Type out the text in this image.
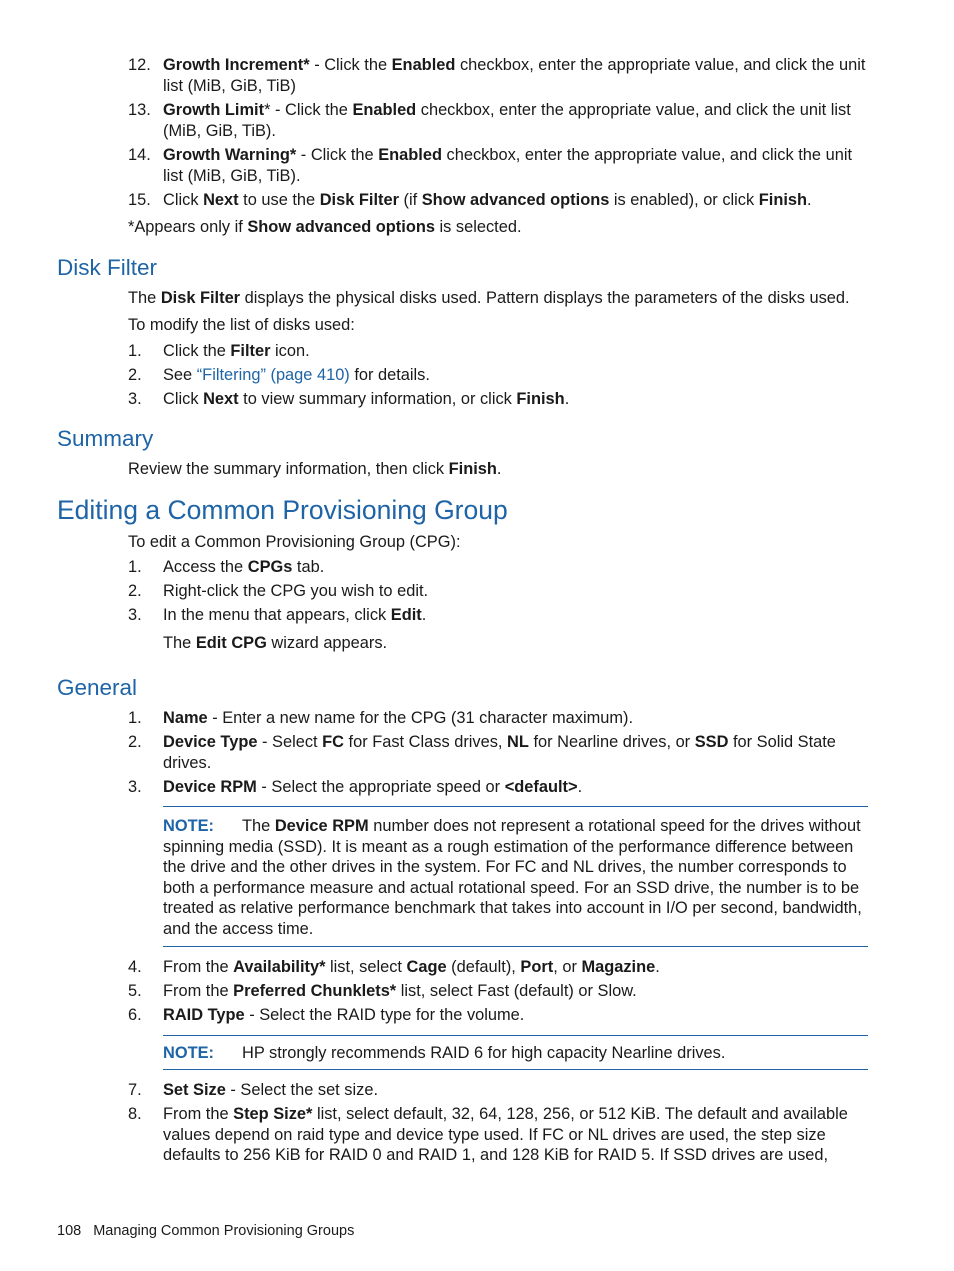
12. Growth Increment* - Click the Enabled checkbox, enter the appropriate value, and click the unit list (MiB, GiB, TiB)
13. Growth Limit* - Click the Enabled checkbox, enter the appropriate value, and click the unit list (MiB, GiB, TiB).
14. Growth Warning* - Click the Enabled checkbox, enter the appropriate value, and click the unit list (MiB, GiB, TiB).
15. Click Next to use the Disk Filter (if Show advanced options is enabled), or click Finish.
*Appears only if Show advanced options is selected.
Disk Filter
The Disk Filter displays the physical disks used. Pattern displays the parameters of the disks used.
To modify the list of disks used:
1. Click the Filter icon.
2. See “Filtering” (page 410) for details.
3. Click Next to view summary information, or click Finish.
Summary
Review the summary information, then click Finish.
Editing a Common Provisioning Group
To edit a Common Provisioning Group (CPG):
1. Access the CPGs tab.
2. Right-click the CPG you wish to edit.
3. In the menu that appears, click Edit.
The Edit CPG wizard appears.
General
1. Name - Enter a new name for the CPG (31 character maximum).
2. Device Type - Select FC for Fast Class drives, NL for Nearline drives, or SSD for Solid State drives.
3. Device RPM - Select the appropriate speed or <default>.
NOTE: The Device RPM number does not represent a rotational speed for the drives without spinning media (SSD). It is meant as a rough estimation of the performance difference between the drive and the other drives in the system. For FC and NL drives, the number corresponds to both a performance measure and actual rotational speed. For an SSD drive, the number is to be treated as relative performance benchmark that takes into account in I/O per second, bandwidth, and the access time.
4. From the Availability* list, select Cage (default), Port, or Magazine.
5. From the Preferred Chunklets* list, select Fast (default) or Slow.
6. RAID Type - Select the RAID type for the volume.
NOTE: HP strongly recommends RAID 6 for high capacity Nearline drives.
7. Set Size - Select the set size.
8. From the Step Size* list, select default, 32, 64, 128, 256, or 512 KiB. The default and available values depend on raid type and device type used. If FC or NL drives are used, the step size defaults to 256 KiB for RAID 0 and RAID 1, and 128 KiB for RAID 5. If SSD drives are used,
108 Managing Common Provisioning Groups
